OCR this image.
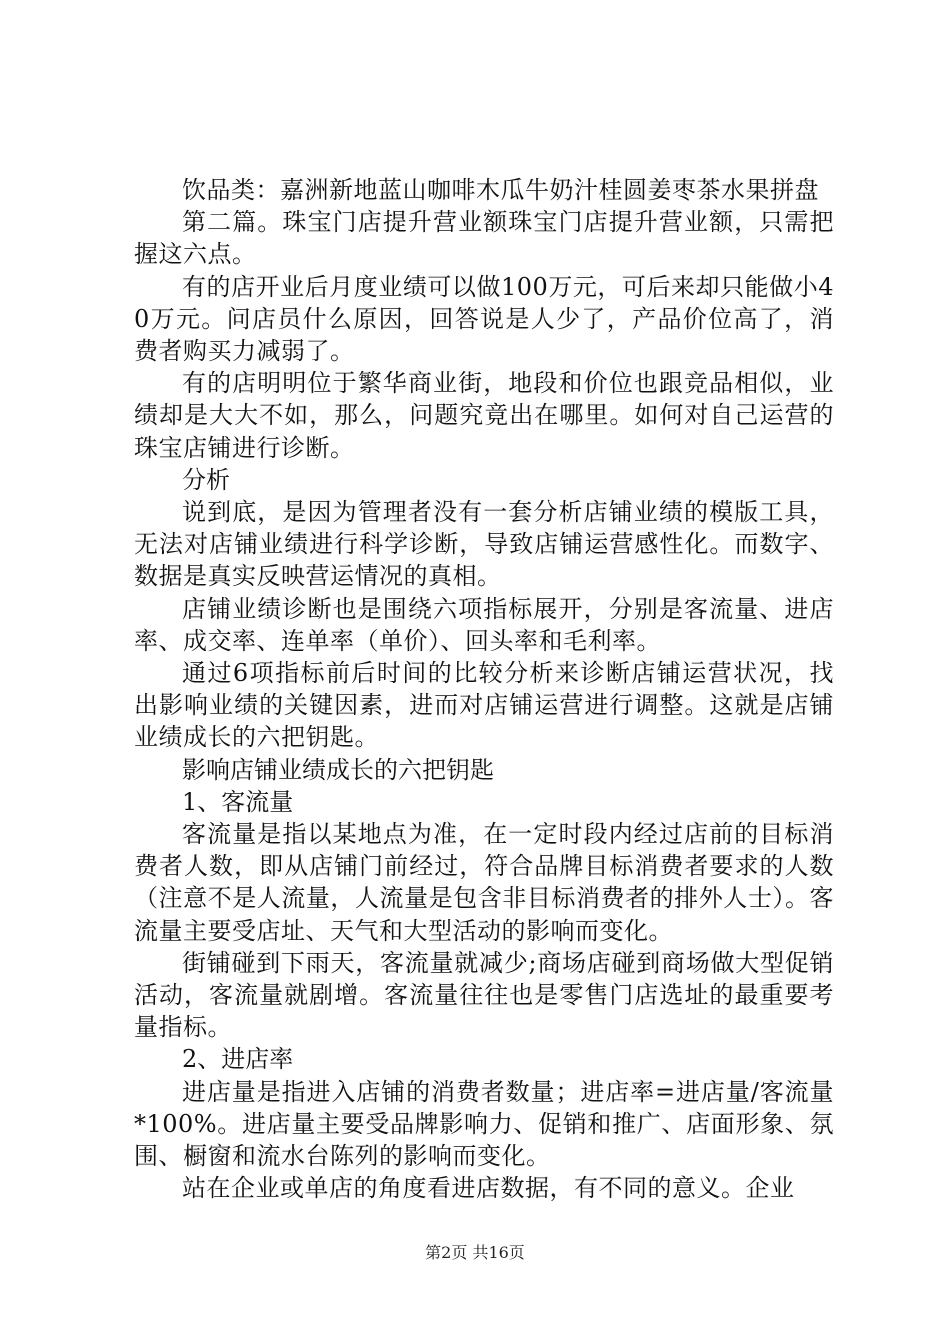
饮品类：嘉洲新地蓝山咖啡木瓜牛奶汁桂圆姜枣茶水果拼盘

第二篇。珠宝门店提升营业额珠宝门店提升营业额，只需把握这六点。

有的店开业后月度业绩可以做100万元，可后来却只能做小40万元。问店员什么原因，回答说是人少了，产品价位高了，消费者购买力减弱了。

有的店明明位于繁华商业街，地段和价位也跟竞品相似，业绩却是大大不如，那么，问题究竟出在哪里。如何对自己运营的珠宝店铺进行诊断。

分析

说到底，是因为管理者没有一套分析店铺业绩的模版工具，无法对店铺业绩进行科学诊断，导致店铺运营感性化。而数字、数据是真实反映营运情况的真相。

店铺业绩诊断也是围绕六项指标展开，分别是客流量、进店率、成交率、连单率（单价）、回头率和毛利率。

通过6项指标前后时间的比较分析来诊断店铺运营状况，找出影响业绩的关键因素，进而对店铺运营进行调整。这就是店铺业绩成长的六把钥匙。

影响店铺业绩成长的六把钥匙

1、客流量

客流量是指以某地点为准，在一定时段内经过店前的目标消费者人数，即从店铺门前经过，符合品牌目标消费者要求的人数（注意不是人流量，人流量是包含非目标消费者的排外人士）。客流量主要受店址、天气和大型活动的影响而变化。

街铺碰到下雨天，客流量就减少;商场店碰到商场做大型促销活动，客流量就剧增。客流量往往也是零售门店选址的最重要考量指标。

2、进店率

进店量是指进入店铺的消费者数量；进店率=进店量/客流量*100%。进店量主要受品牌影响力、促销和推广、店面形象、氛围、橱窗和流水台陈列的影响而变化。

站在企业或单店的角度看进店数据，有不同的意义。企业

第2页 共16页
